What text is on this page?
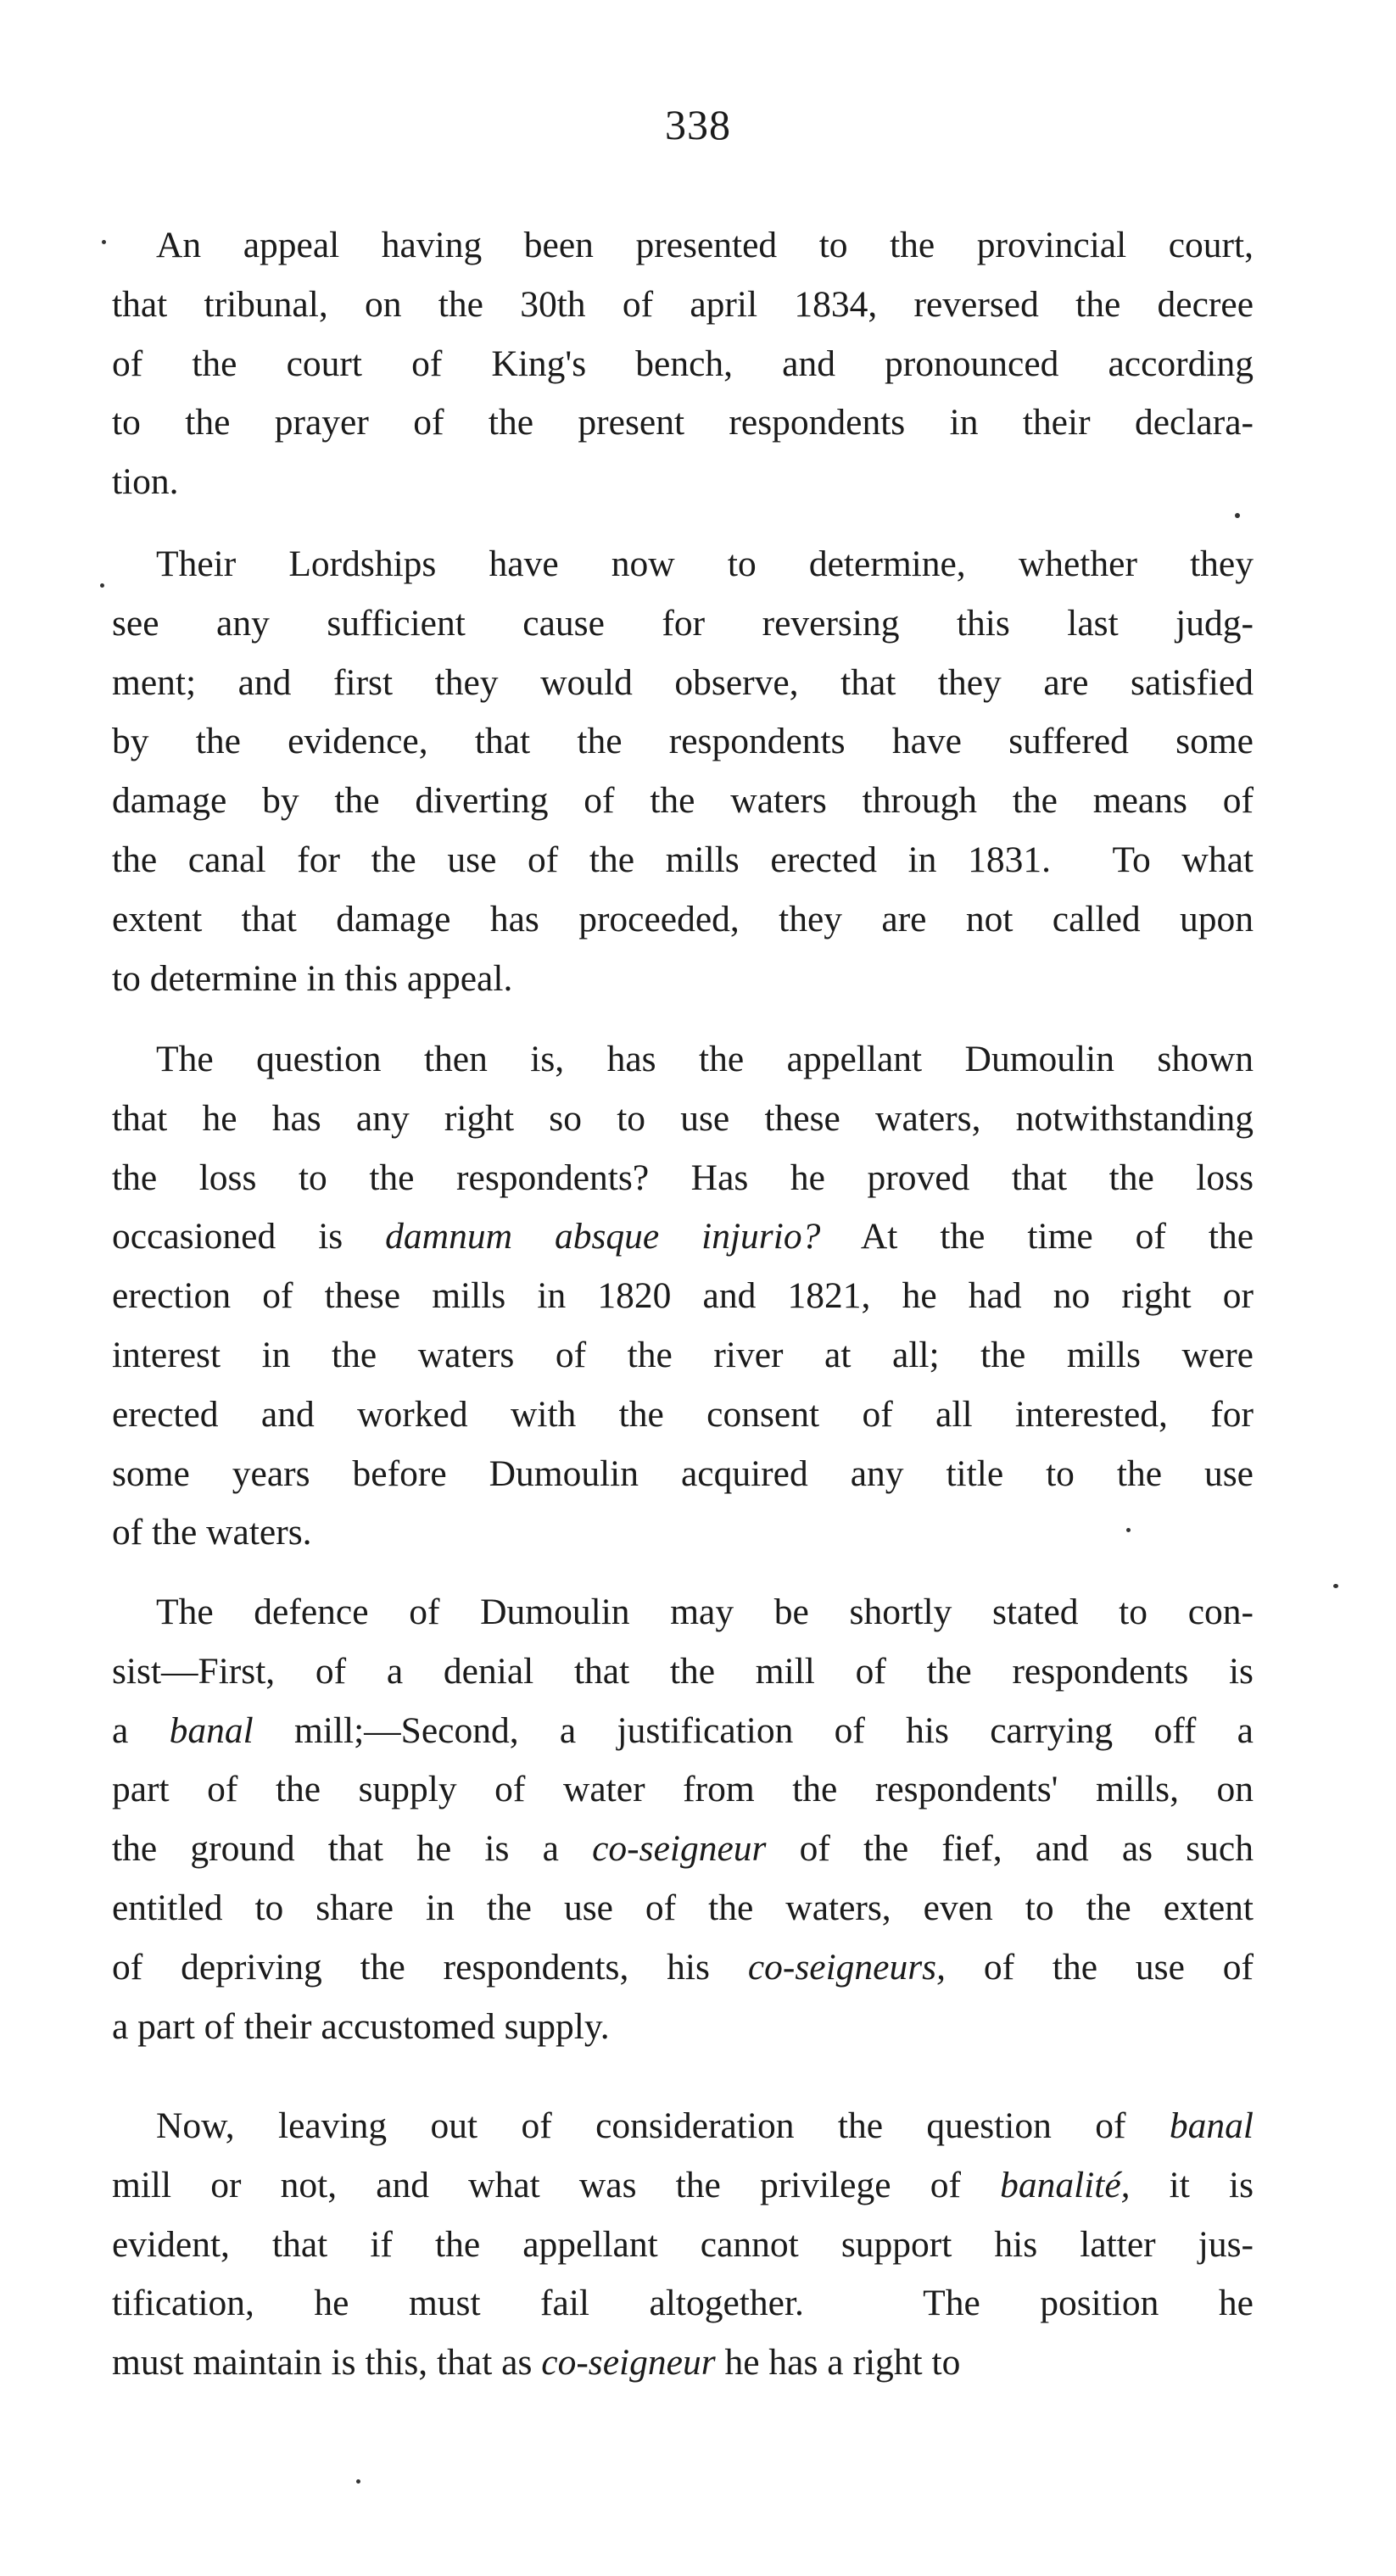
338
An appeal having been presented to the provincial court,
that tribunal, on the 30th of april 1834, reversed the decree
of the court of King's bench, and pronounced according
to the prayer of the present respondents in their declara-
tion.
Their Lordships have now to determine, whether they
see any sufficient cause for reversing this last judg-
ment; and first they would observe, that they are satisfied
by the evidence, that the respondents have suffered some
damage by the diverting of the waters through the means of
the canal for the use of the mills erected in 1831.  To what
extent that damage has proceeded, they are not called upon
to determine in this appeal.
The question then is, has the appellant Dumoulin shown
that he has any right so to use these waters, notwithstanding
the loss to the respondents? Has he proved that the loss
occasioned is damnum absque injurio? At the time of the
erection of these mills in 1820 and 1821, he had no right or
interest in the waters of the river at all; the mills were
erected and worked with the consent of all interested, for
some years before Dumoulin acquired any title to the use
of the waters.
The defence of Dumoulin may be shortly stated to con-
sist—First, of a denial that the mill of the respondents is
a banal mill;—Second, a justification of his carrying off a
part of the supply of water from the respondents' mills, on
the ground that he is a co-seigneur of the fief, and as such
entitled to share in the use of the waters, even to the extent
of depriving the respondents, his co-seigneurs, of the use of
a part of their accustomed supply.
Now, leaving out of consideration the question of banal
mill or not, and what was the privilege of banalité, it is
evident, that if the appellant cannot support his latter jus-
tification, he must fail altogether.  The position he
must maintain is this, that as co-seigneur he has a right to
